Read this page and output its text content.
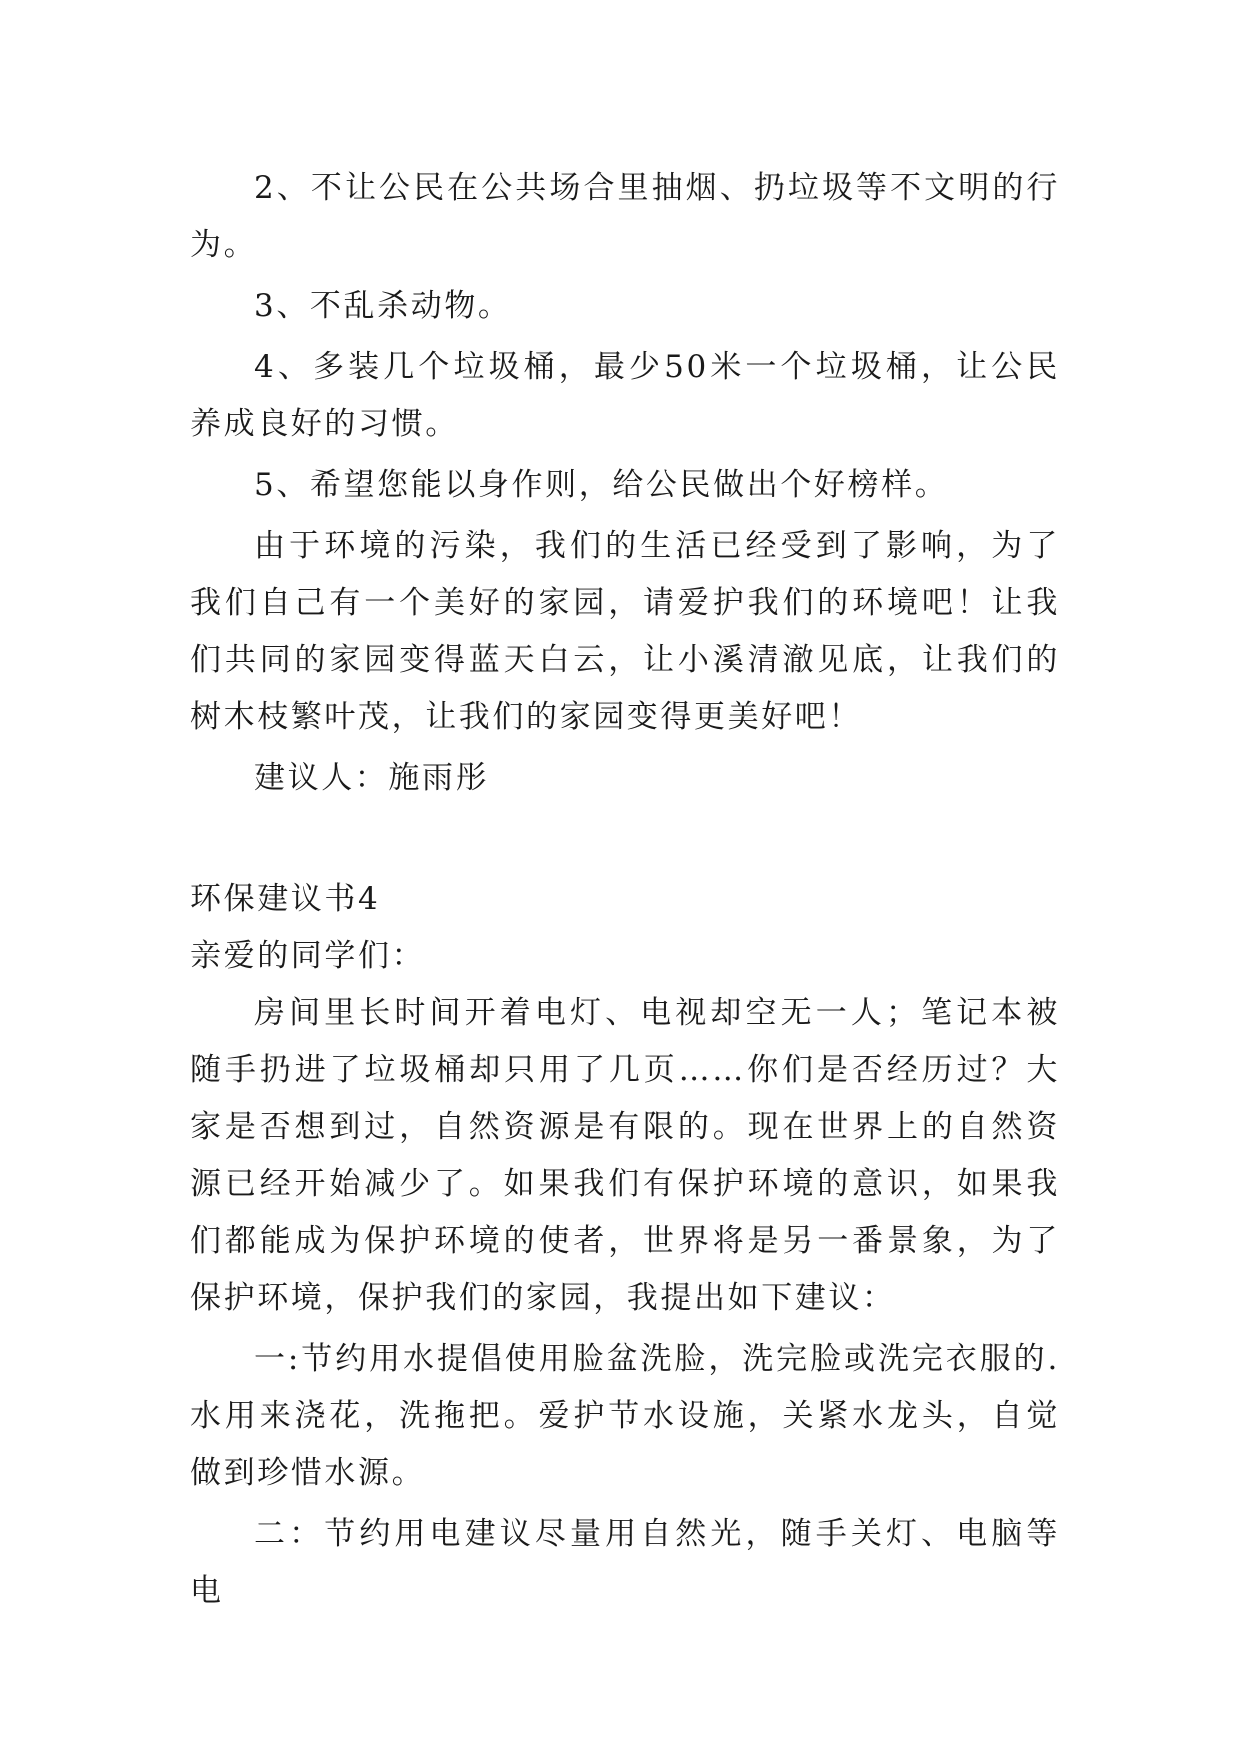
2、不让公民在公共场合里抽烟、扔垃圾等不文明的行为。

3、不乱杀动物。

4、多装几个垃圾桶，最少50米一个垃圾桶，让公民养成良好的习惯。

5、希望您能以身作则，给公民做出个好榜样。

由于环境的污染，我们的生活已经受到了影响，为了我们自己有一个美好的家园，请爱护我们的环境吧！让我们共同的家园变得蓝天白云，让小溪清澈见底，让我们的树木枝繁叶茂，让我们的家园变得更美好吧！

建议人：施雨彤

环保建议书4

亲爱的同学们：

房间里长时间开着电灯、电视却空无一人；笔记本被随手扔进了垃圾桶却只用了几页……你们是否经历过？大家是否想到过，自然资源是有限的。现在世界上的自然资源已经开始减少了。如果我们有保护环境的意识，如果我们都能成为保护环境的使者，世界将是另一番景象，为了保护环境，保护我们的家园，我提出如下建议：

一:节约用水提倡使用脸盆洗脸，洗完脸或洗完衣服的.水用来浇花，洗拖把。爱护节水设施，关紧水龙头，自觉做到珍惜水源。

二：节约用电建议尽量用自然光，随手关灯、电脑等电
